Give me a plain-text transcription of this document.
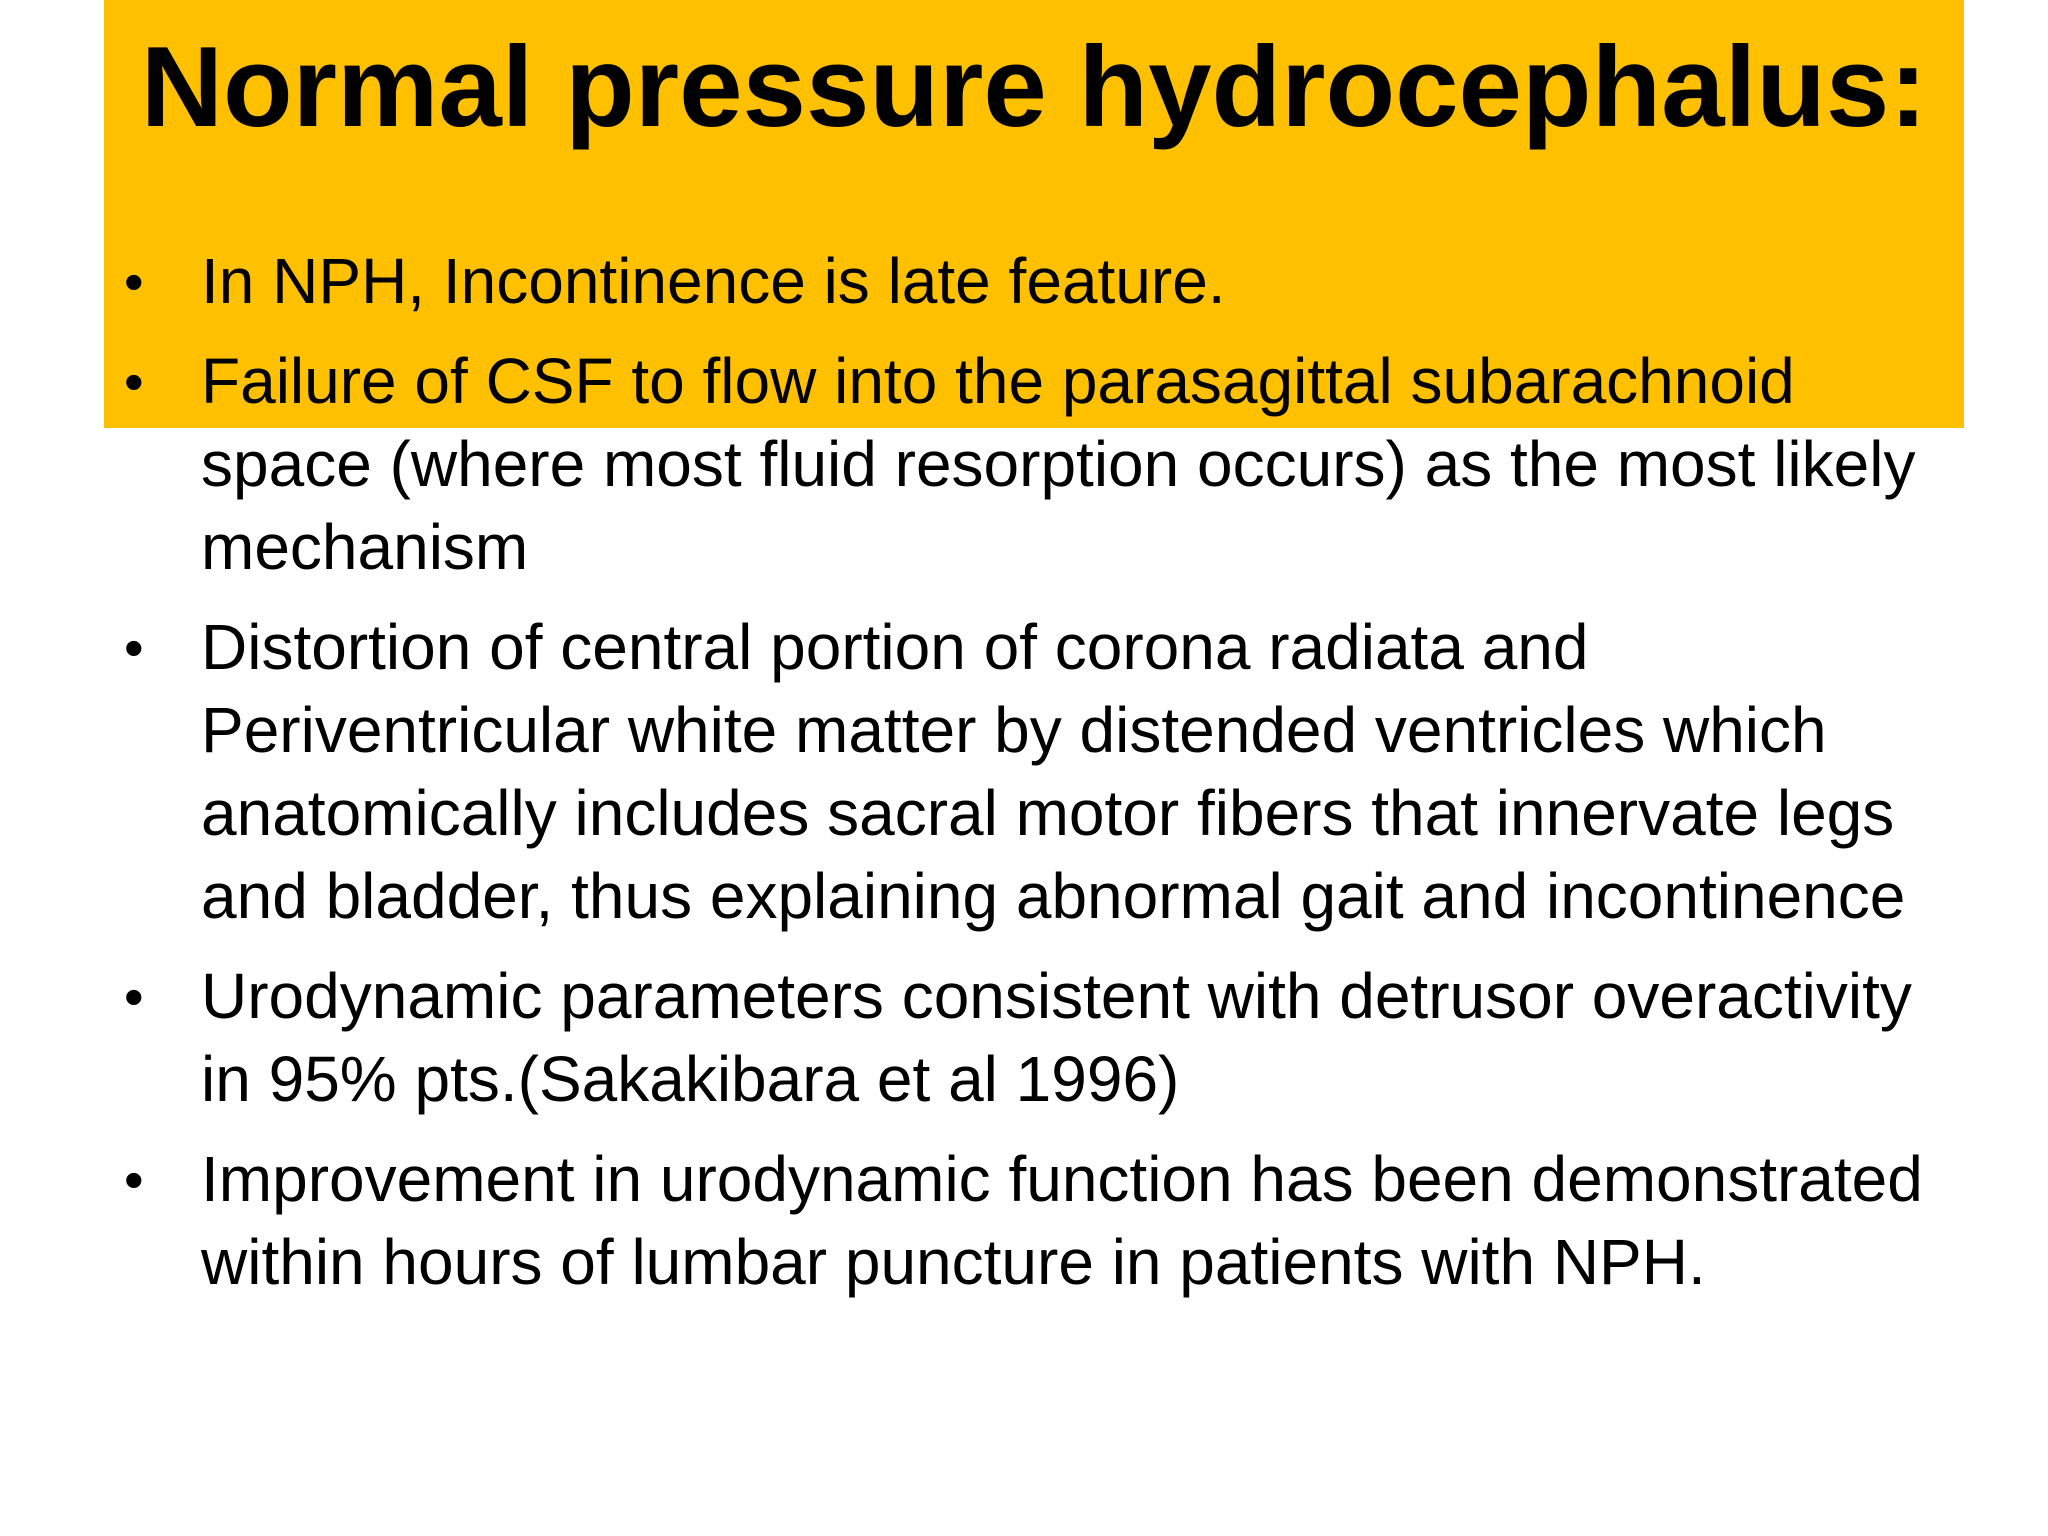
Normal pressure hydrocephalus:
• In NPH, Incontinence is late feature.
• Failure of CSF to flow into the parasagittal subarachnoid space (where most fluid resorption occurs) as the most likely mechanism
• Distortion of central portion of corona radiata and Periventricular white matter by distended ventricles which anatomically includes sacral motor fibers that innervate legs and bladder, thus explaining abnormal gait and incontinence
• Urodynamic parameters consistent with detrusor overactivity in 95% pts.(Sakakibara et al 1996)
• Improvement in urodynamic function has been demonstrated within hours of lumbar puncture in patients with NPH.
